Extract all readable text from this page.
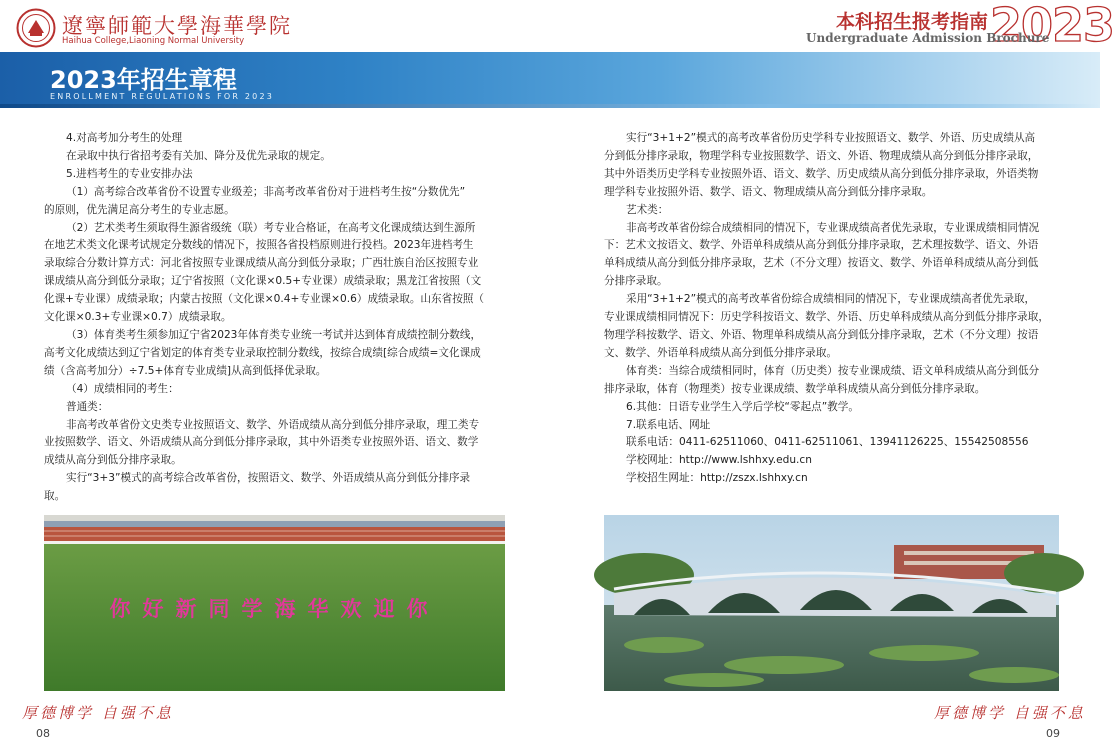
遼寧師範大學海華學院
Haihua College,Liaoning Normal University	2023
本科招生报考指南
Undergraduate Admission Brochure
2023年招生章程
ENROLLMENT REGULATIONS FOR 2023

4.对高考加分考生的处理

在录取中执行省招考委有关加、降分及优先录取的规定。

5.进档考生的专业安排办法

（1）高考综合改革省份不设置专业级差；非高考改革省份对于进档考生按“分数优先”

的原则，优先满足高分考生的专业志愿。

（2）艺术类考生须取得生源省级统（联）考专业合格证，在高考文化课成绩达到生源所

在地艺术类文化课考试规定分数线的情况下，按照各省投档原则进行投档。2023年进档考生

录取综合分数计算方式：河北省按照专业课成绩从高分到低分录取；广西壮族自治区按照专业

课成绩从高分到低分录取；辽宁省按照（文化课×0.5+专业课）成绩录取；黑龙江省按照（文

化课+专业课）成绩录取；内蒙古按照（文化课×0.4+专业课×0.6）成绩录取。山东省按照（

文化课×0.3+专业课×0.7）成绩录取。

（3）体育类考生须参加辽宁省2023年体育类专业统一考试并达到体育成绩控制分数线，

高考文化成绩达到辽宁省划定的体育类专业录取控制分数线，按综合成绩[综合成绩=文化课成

绩（含高考加分）÷7.5+体育专业成绩]从高到低择优录取。

（4）成绩相同的考生：

普通类：

非高考改革省份文史类专业按照语文、数学、外语成绩从高分到低分排序录取，理工类专

业按照数学、语文、外语成绩从高分到低分排序录取，其中外语类专业按照外语、语文、数学

成绩从高分到低分排序录取。

实行“3+3”模式的高考综合改革省份，按照语文、数学、外语成绩从高分到低分排序录

取。

实行“3+1+2”模式的高考改革省份历史学科专业按照语文、数学、外语、历史成绩从高

分到低分排序录取，物理学科专业按照数学、语文、外语、物理成绩从高分到低分排序录取，

其中外语类历史学科专业按照外语、语文、数学、历史成绩从高分到低分排序录取，外语类物

理学科专业按照外语、数学、语文、物理成绩从高分到低分排序录取。

艺术类：

非高考改革省份综合成绩相同的情况下，专业课成绩高者优先录取，专业课成绩相同情况

下：艺术文按语文、数学、外语单科成绩从高分到低分排序录取，艺术理按数学、语文、外语

单科成绩从高分到低分排序录取，艺术（不分文理）按语文、数学、外语单科成绩从高分到低

分排序录取。

采用“3+1+2”模式的高考改革省份综合成绩相同的情况下，专业课成绩高者优先录取，

专业课成绩相同情况下：历史学科按语文、数学、外语、历史单科成绩从高分到低分排序录取，

物理学科按数学、语文、外语、物理单科成绩从高分到低分排序录取，艺术（不分文理）按语

文、数学、外语单科成绩从高分到低分排序录取。

体育类：当综合成绩相同时，体育（历史类）按专业课成绩、语文单科成绩从高分到低分

排序录取，体育（物理类）按专业课成绩、数学单科成绩从高分到低分排序录取。

6.其他：日语专业学生入学后学校“零起点”教学。

7.联系电话、网址

联系电话：0411-62511060、0411-62511061、13941126225、15542508556

学校网址：http://www.lshhxy.edu.cn

学校招生网址：http://zszx.lshhxy.cn

你好新同学海华欢迎你
厚德博学 自强不息	厚德博学 自强不息
08	09
